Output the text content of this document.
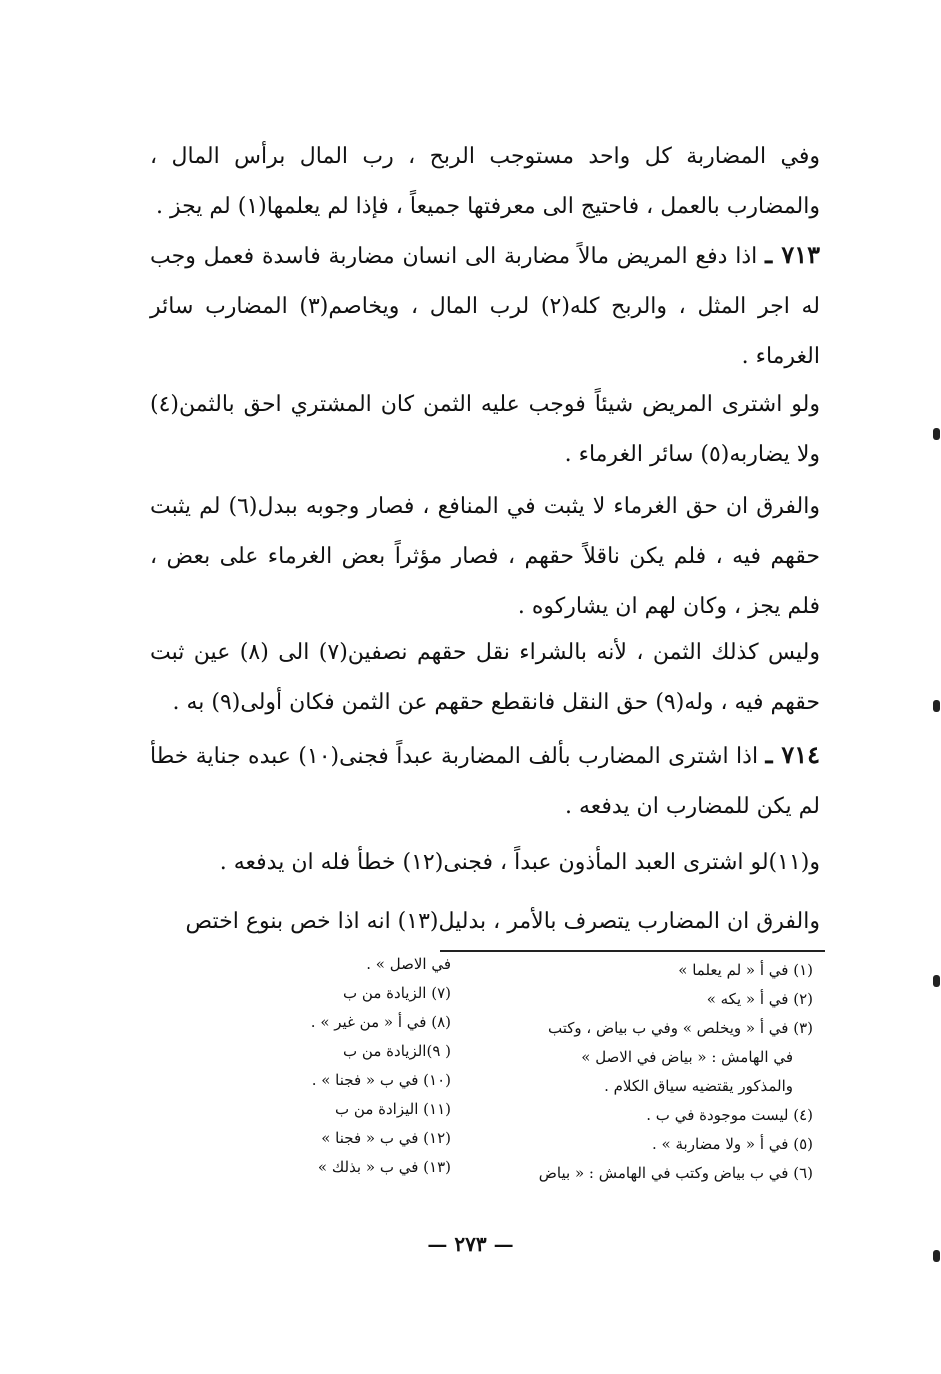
وفي المضاربة كل واحد مستوجب الربح ، رب المال برأس المال ، والمضارب بالعمل ، فاحتيج الى معرفتها جميعاً ، فإذا لم يعلمها(١) لم يجز .

٧١٣ ـ اذا دفع المريض مالاً مضاربة الى انسان مضاربة فاسدة فعمل وجب له اجر المثل ، والربح كله(٢) لرب المال ، ويخاصم(٣) المضارب سائر الغرماء .

ولو اشترى المريض شيئاً فوجب عليه الثمن كان المشتري احق بالثمن(٤) ولا يضاربه(٥) سائر الغرماء .

والفرق ان حق الغرماء لا يثبت في المنافع ، فصار وجوبه ببدل(٦) لم يثبت حقهم فيه ، فلم يكن ناقلاً حقهم ، فصار مؤثراً بعض الغرماء على بعض ، فلم يجز ، وكان لهم ان يشاركوه .

وليس كذلك الثمن ، لأنه بالشراء نقل حقهم نصفين(٧) الى (٨) عين ثبت حقهم فيه ، وله(٩) حق النقل فانقطع حقهم عن الثمن فكان أولى(٩) به .

٧١٤ ـ اذا اشترى المضارب بألف المضاربة عبداً فجنى(١٠) عبده جناية خطأ لم يكن للمضارب ان يدفعه .

و(١١)لو اشترى العبد المأذون عبداً ، فجنى(١٢) خطأ فله ان يدفعه .

والفرق ان المضارب يتصرف بالأمر ، بدليل(١٣) انه اذا خص بنوع اختص

(١) في أ « لم يعلما »
(٢) في أ « يكه »
(٣) في أ « ويخلص » وفي ب بياض ، وكتب
في الهامش : « بياض في الاصل »
والمذكور يقتضيه سياق الكلام .
(٤) ليست موجودة في ب .
(٥) في أ « ولا مضاربة » .
(٦) في ب بياض وكتب في الهامش : « بياض
في الاصل » .
(٧) الزيادة من ب
(٨) في أ « من غير » .
( ٩)الزيادة من ب
(١٠) في ب « فجنا » .
(١١) اليزادة من ب
(١٢) في ب « فجنا »
(١٣) في ب « بذلك »
— ٢٧٣ —
